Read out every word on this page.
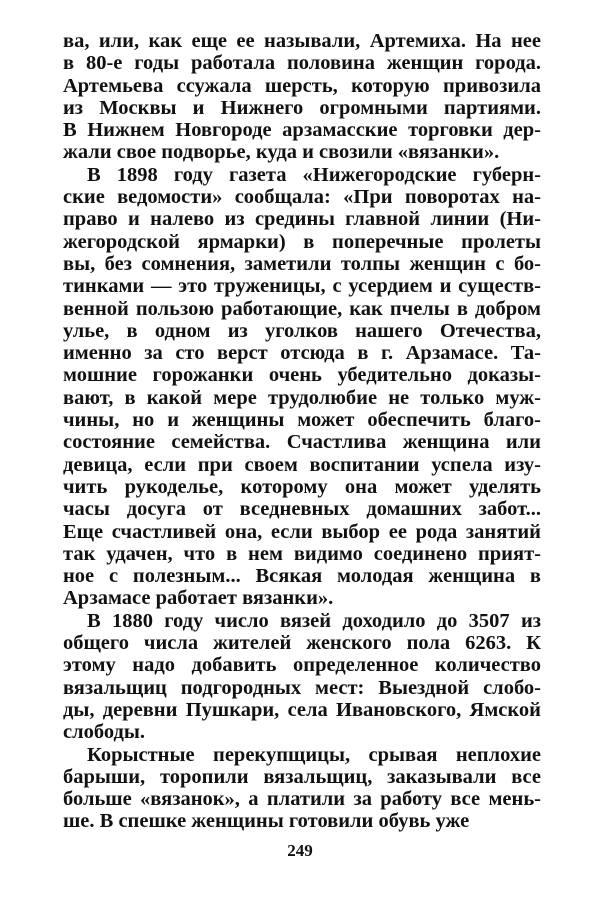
ва, или, как еще ее называли, Артемиха. На нее
в 80-е годы работала половина женщин города.
Артемьева ссужала шерсть, которую привозила
из Москвы и Нижнего огромными партиями.
В Нижнем Новгороде арзамасские торговки дер-
жали свое подворье, куда и свозили «вязанки».
В 1898 году газета «Нижегородские губерн-
ские ведомости» сообщала: «При поворотах на-
право и налево из срединьı главной линии (Ни-
жегородской ярмарки) в поперечные пролеты
вы, без сомнения, заметили толпы женщин с бо-
тинками — это труженицы, с усердием и существ-
венной пользою работающие, как пчелы в добром
улье, в одном из уголков нашего Отечества,
именно за сто верст отсюда в г. Арзамасе. Та-
мошние горожанки очень убедительно доказы-
вают, в какой мере трудолюбие не только муж-
чины, но и женщины может обеспечить благо-
состояние семейства. Счастлива женщина или
девица, если при своем воспитании успела изу-
чить рукоделье, которому она может уделять
часы досуга от вседневных домашних забот...
Еще счастливей она, если выбор ее рода занятий
так удачен, что в нем видимо соединено прият-
ное с полезным... Всякая молодая женщина в
Арзамасе работает вязанки».
В 1880 году число вязей доходило до 3507 из
общего числа жителей женского пола 6263. К
этому надо добавить определенное количество
вязальщиц подгородных мест: Выездной слобо-
ды, деревни Пушкари, села Ивановского, Ямской
слободы.
Корыстные перекупщицы, срывая неплохие
барыши, торопили вязальщиц, заказывали все
больше «вязанок», а платили за работу все мень-
ше. В спешке женщины готовили обувь уже
249
